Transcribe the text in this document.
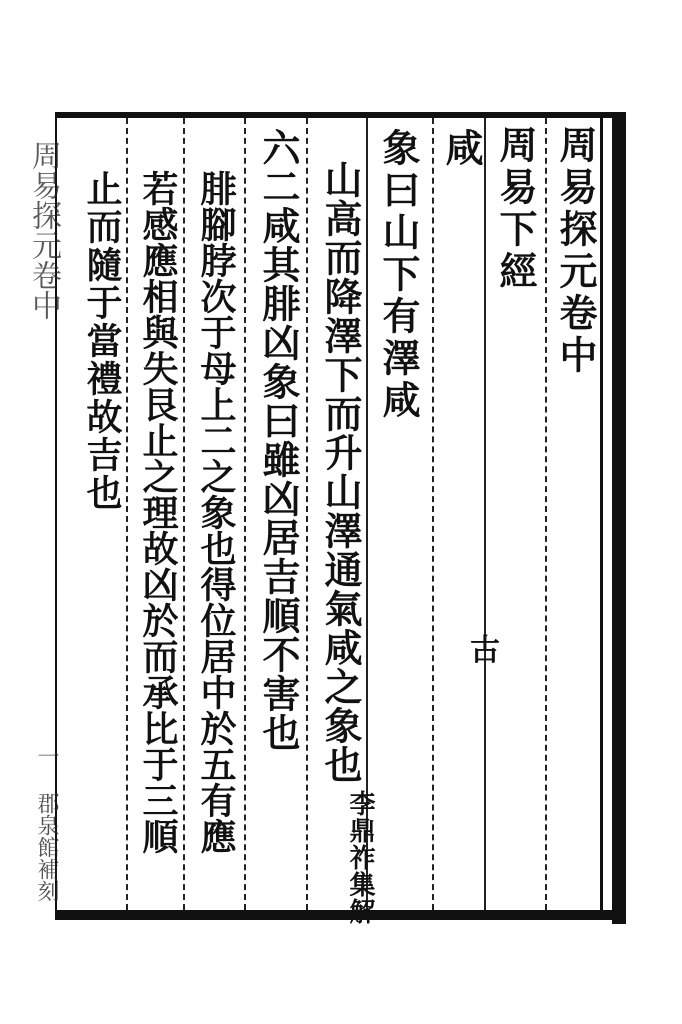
周易探元卷中
周易下經
咸
古
象曰山下有澤咸
山高而降澤下而升山澤通氣咸之象也
李鼎祚集解
六二咸其腓凶象曰雖凶居吉順不害也
腓腳脖次于母上二之象也得位居中於五有應
若感應相與失艮止之理故凶於而承比于三順
止而隨于當禮故吉也
周易探元卷中
一 郡泉館補刻
